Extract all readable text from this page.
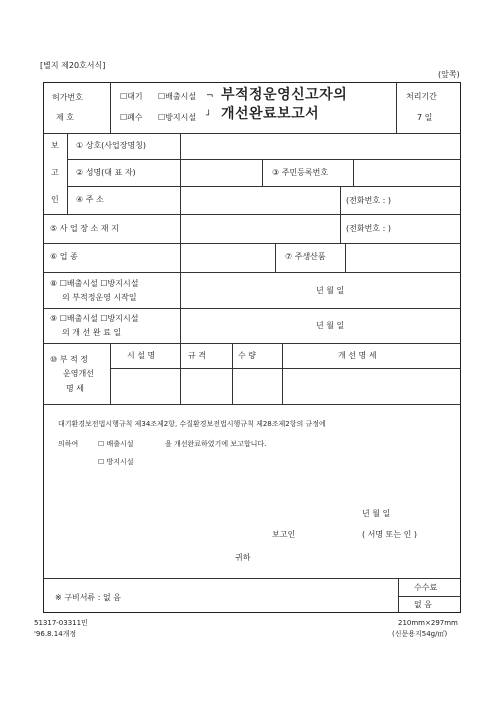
[별지 제20호서식]
(앞쪽)
허가번호
제 호
☐대기 ☐배출시설
☐폐수 ☐방지시설
¬
┘
부적정운영신고자의
개선완료보고서
처리기간
7 일
보
고
인
① 상호(사업장명칭)
② 성명(대 표 자)	③ 주민등록번호
④ 주 소	(전화번호 : )
⑤ 사 업 장 소 재 지	(전화번호 : )
⑥ 업 종	⑦ 주생산품
⑧ ☐배출시설 ☐방지시설
의 부적정운영 시작일
년 월 일
⑨ ☐배출시설 ☐방지시설
의 개 선 완 료 일
년 월 일
⑩ 부 적 정
운영개선
명 세
시 설 명	규 격	수 량	개 선 명 세
대기환경보전법시행규칙 제34조제2항, 수질환경보전법시행규칙 제28조제2항의 규정에
의하여	☐ 배출시설	을 개선완료하였기에 보고합니다.
☐ 방지시설
년 월 일
보고인	( 서명 또는 인 )
귀하
※ 구비서류 : 없 음
수수료
없 음
51317-03311민
'96.8.14개정
210mm×297mm
(신문용지54g/㎡)
